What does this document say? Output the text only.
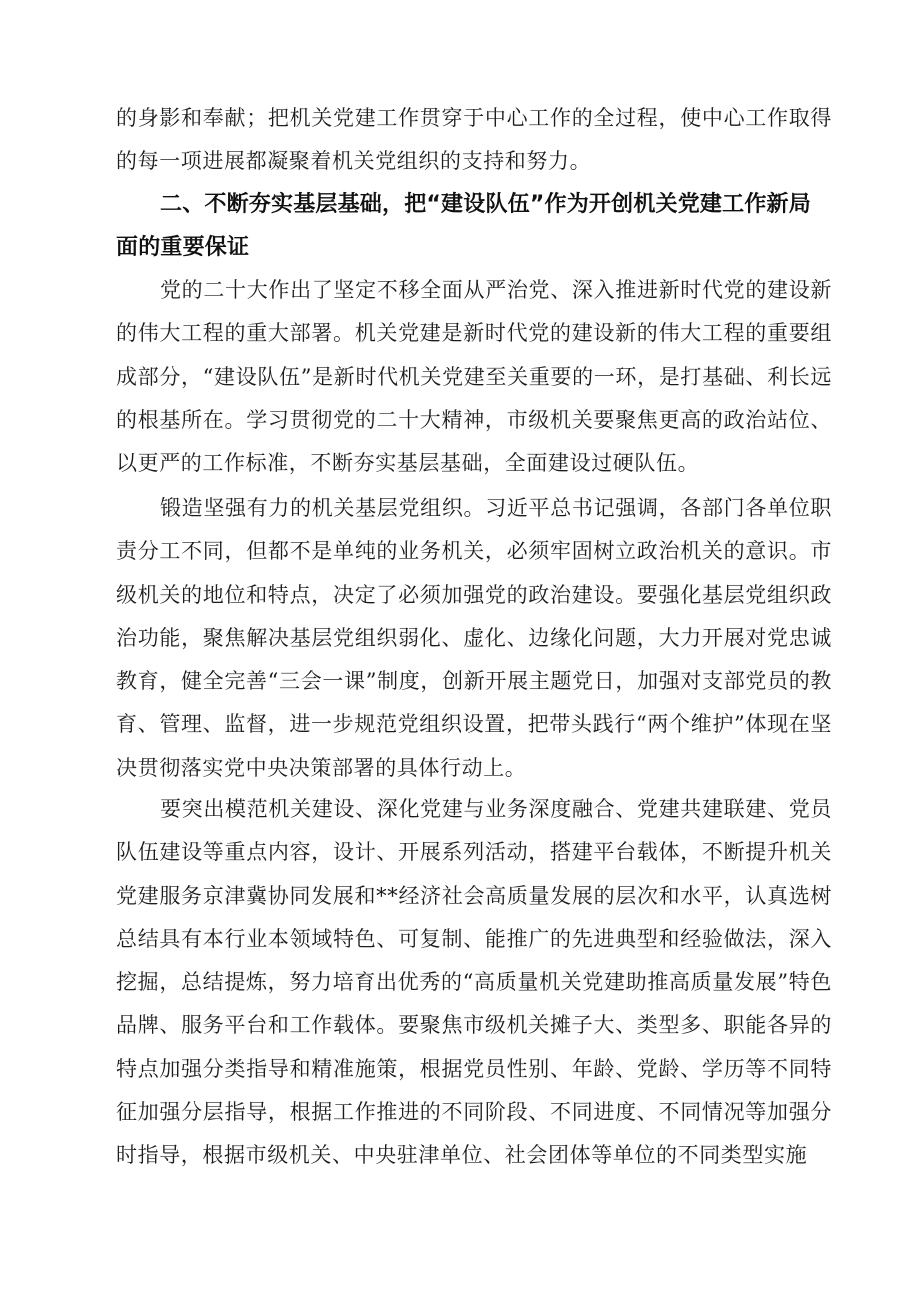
的身影和奉献；把机关党建工作贯穿于中心工作的全过程，使中心工作取得的每一项进展都凝聚着机关党组织的支持和努力。

二、不断夯实基层基础，把“建设队伍”作为开创机关党建工作新局面的重要保证

党的二十大作出了坚定不移全面从严治党、深入推进新时代党的建设新的伟大工程的重大部署。机关党建是新时代党的建设新的伟大工程的重要组成部分，“建设队伍”是新时代机关党建至关重要的一环，是打基础、利长远的根基所在。学习贯彻党的二十大精神，市级机关要聚焦更高的政治站位、以更严的工作标准，不断夯实基层基础，全面建设过硬队伍。

锻造坚强有力的机关基层党组织。习近平总书记强调，各部门各单位职责分工不同，但都不是单纯的业务机关，必须牢固树立政治机关的意识。市级机关的地位和特点，决定了必须加强党的政治建设。要强化基层党组织政治功能，聚焦解决基层党组织弱化、虚化、边缘化问题，大力开展对党忠诚教育，健全完善“三会一课”制度，创新开展主题党日，加强对支部党员的教育、管理、监督，进一步规范党组织设置，把带头践行“两个维护”体现在坚决贯彻落实党中央决策部署的具体行动上。

要突出模范机关建设、深化党建与业务深度融合、党建共建联建、党员队伍建设等重点内容，设计、开展系列活动，搭建平台载体，不断提升机关党建服务京津冀协同发展和**经济社会高质量发展的层次和水平，认真选树总结具有本行业本领域特色、可复制、能推广的先进典型和经验做法，深入挖掘，总结提炼，努力培育出优秀的“高质量机关党建助推高质量发展”特色品牌、服务平台和工作载体。要聚焦市级机关摊子大、类型多、职能各异的特点加强分类指导和精准施策，根据党员性别、年龄、党龄、学历等不同特征加强分层指导，根据工作推进的不同阶段、不同进度、不同情况等加强分时指导，根据市级机关、中央驻津单位、社会团体等单位的不同类型实施
